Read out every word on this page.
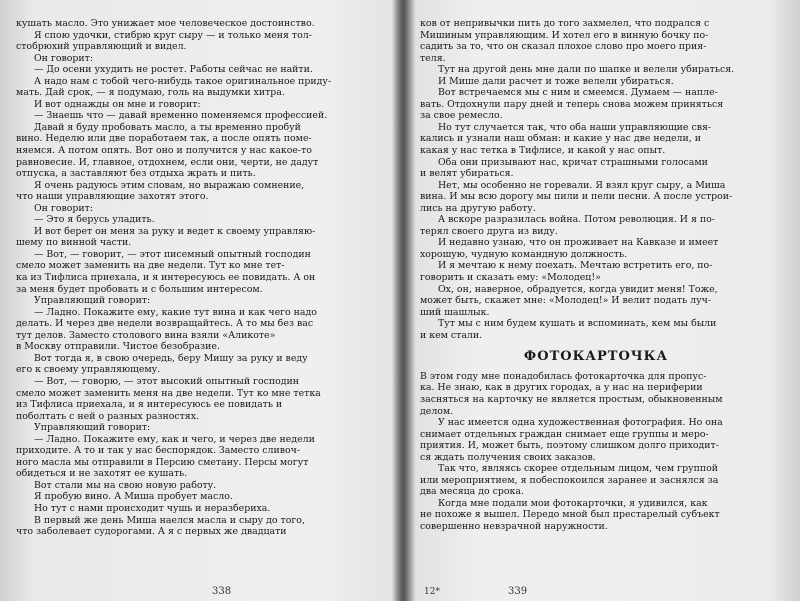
кушать масло. Это унижает мое человеческое достоинство.

Я спою удочки, стибрю круг сыру — и только меня тол-

стобрюхий управляющий и видел.

Он говорит:

— До осени ухудить не ростет. Работы сейчас не найти.

А надо нам с тобой чего-нибудь такое оригинальное приду-

мать. Дай срок, — я подумаю, голь на выдумки хитра.

И вот однажды он мне и говорит:

— Знаешь что — давай временно поменяемся профессией.

Давай я буду пробовать масло, а ты временно пробуй

вино. Неделю или две поработаем так, а после опять поме-

няемся. А потом опять. Вот оно и получится у нас какое-то

равновесие. И, главное, отдохнем, если они, черти, не дадут

отпуска, а заставляют без отдыха жрать и пить.

Я очень радуюсь этим словам, но выражаю сомнение,

что наши управляющие захотят этого.

Он говорит:

— Это я берусь уладить.

И вот берет он меня за руку и ведет к своему управляю-

шему по винной части.

— Вот, — говорит, — этот писемный опытный господин

смело может заменить на две недели. Тут ко мне тет-

ка из Тифлиса приехала, и я интересуюсь ее повидать. А он

за меня будет пробовать и с большим интересом.

Управляющий говорит:

— Ладно. Покажите ему, какие тут вина и как чего надо

делать. И через две недели возвращайтесь. А то мы без вас

тут делов. Заместо столового вина взяли «Аликоте»

в Москву отправили. Чистое безобразие.

Вот тогда я, в свою очередь, беру Мишу за руку и веду

его к своему управляющему.

— Вот, — говорю, — этот высокий опытный господин

смело может заменить меня на две недели. Тут ко мне тетка

из Тифлиса приехала, и я интересуюсь ее повидать и

поболтать с ней о разных разностях.

Управляющий говорит:

— Ладно. Покажите ему, как и чего, и через две недели

приходите. А то и так у нас беспорядок. Заместо сливоч-

ного масла мы отправили в Персию сметану. Персы могут

обидеться и не захотят ее кушать.

Вот стали мы на свою новую работу.

Я пробую вино. А Миша пробует масло.

Но тут с нами происходит чушь и неразбериха.

В первый же день Миша наелся масла и сыру до того,

что заболевает судорогами. А я с первых же двадцати

ков от непривычки пить до того захмелел, что подрался с

Мишиным управляющим. И хотел его в винную бочку по-

садить за то, что он сказал плохое слово про моего прия-

теля.

Тут на другой день мне дали по шапке и велели убираться.

И Мише дали расчет и тоже велели убираться.

Вот встречаемся мы с ним и смеемся. Думаем — напле-

вать. Отдохнули пару дней и теперь снова можем приняться

за свое ремесло.

Но тут случается так, что оба наши управляющие свя-

кались и узнали наш обман: и какие у нас две недели, и

какая у нас тетка в Тифлисе, и какой у нас опыт.

Оба они призывают нас, кричат страшными голосами

и велят убираться.

Нет, мы особенно не горевали. Я взял круг сыру, а Миша

вина. И мы всю дорогу мы пили и пели песни. А после устрои-

лись на другую работу.

А вскоре разразилась война. Потом революция. И я по-

терял своего друга из виду.

И недавно узнаю, что он проживает на Кавказе и имеет

хорошую, чудную командную должность.

И я мечтаю к нему поехать. Мечтаю встретить его, по-

говорить и сказать ему: «Молодец!»

Ох, он, наверное, обрадуется, когда увидит меня! Тоже,

может быть, скажет мне: «Молодец!» И велит подать луч-

ший шашлык.

Тут мы с ним будем кушать и вспоминать, кем мы были

и кем стали.

ФОТОКАРТОЧКА

В этом году мне понадобилась фотокарточка для пропус-

ка. Не знаю, как в других городах, а у нас на периферии

засняться на карточку не является простым, обыкновенным

делом.

У нас имеется одна художественная фотография. Но она

снимает отдельных граждан снимает еще группы и меро-

приятия. И, может быть, поэтому слишком долго приходит-

ся ждать получения своих заказов.

Так что, являясь скорее отдельным лицом, чем группой

или мероприятием, я побеспокоился заранее и заснялся за

два месяца до срока.

Когда мне подали мои фотокарточки, я удивился, как

не похоже я вышел. Передо мной был престарелый субъект

совершенно невзрачной наружности.

338	12*	339
